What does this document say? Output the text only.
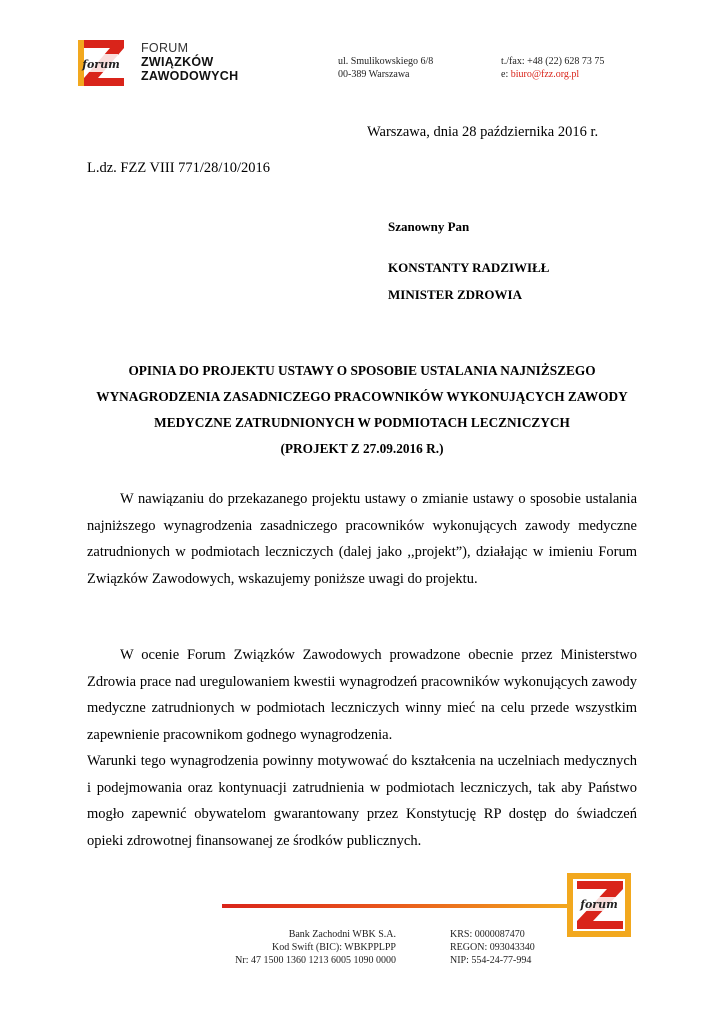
forum
FORUM
ZWIĄZKÓW
ZAWODOWYCH
ul. Smulikowskiego 6/8
00-389 Warszawa
t./fax: +48 (22) 628 73 75
e: biuro@fzz.org.pl
Warszawa, dnia 28 października 2016 r.
L.dz. FZZ VIII 771/28/10/2016
Szanowny Pan
KONSTANTY RADZIWIŁŁ
MINISTER ZDROWIA
OPINIA DO PROJEKTU USTAWY O SPOSOBIE USTALANIA NAJNIŻSZEGO
WYNAGRODZENIA ZASADNICZEGO PRACOWNIKÓW WYKONUJĄCYCH ZAWODY
MEDYCZNE ZATRUDNIONYCH W PODMIOTACH LECZNICZYCH
(PROJEKT Z 27.09.2016 R.)

W nawiązaniu do przekazanego projektu ustawy o zmianie ustawy o sposobie ustalania najniższego wynagrodzenia zasadniczego pracowników wykonujących zawody medyczne zatrudnionych w podmiotach leczniczych (dalej jako ,,projekt”), działając w imieniu Forum Związków Zawodowych, wskazujemy poniższe uwagi do projektu.

W ocenie Forum Związków Zawodowych prowadzone obecnie przez Ministerstwo Zdrowia prace nad uregulowaniem kwestii wynagrodzeń pracowników wykonujących zawody medyczne zatrudnionych w podmiotach leczniczych winny mieć na celu przede wszystkim zapewnienie pracownikom godnego wynagrodzenia.

Warunki tego wynagrodzenia powinny motywować do kształcenia na uczelniach medycznych i podejmowania oraz kontynuacji zatrudnienia w podmiotach leczniczych, tak aby Państwo mogło zapewnić obywatelom gwarantowany przez Konstytucję RP dostęp do świadczeń opieki zdrowotnej finansowanej ze środków publicznych.

forum
Bank Zachodni WBK S.A.
Kod Swift (BIC): WBKPPLPP
Nr: 47 1500 1360 1213 6005 1090 0000
KRS: 0000087470
REGON: 093043340
NIP: 554-24-77-994
